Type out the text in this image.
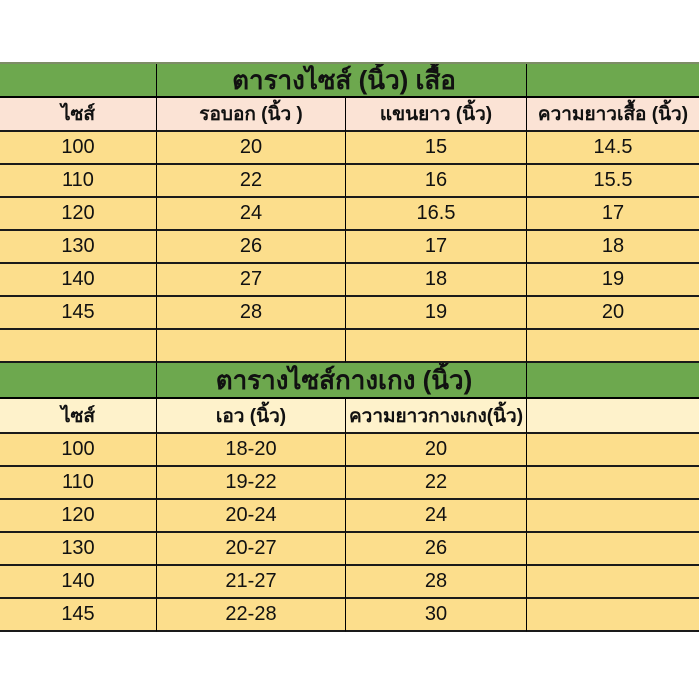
ตารางไซส์ (นิ้ว) เสื้อ
ไซส์	รอบอก (นิ้ว )	แขนยาว (นิ้ว)	ความยาวเสื้อ (นิ้ว)
100	20	15	14.5
110	22	16	15.5
120	24	16.5	17
130	26	17	18
140	27	18	19
145	28	19	20
ตารางไซส์กางเกง (นิ้ว)
ไซส์	เอว (นิ้ว)	ความยาวกางเกง(นิ้ว)
100	18-20	20
110	19-22	22
120	20-24	24
130	20-27	26
140	21-27	28
145	22-28	30
